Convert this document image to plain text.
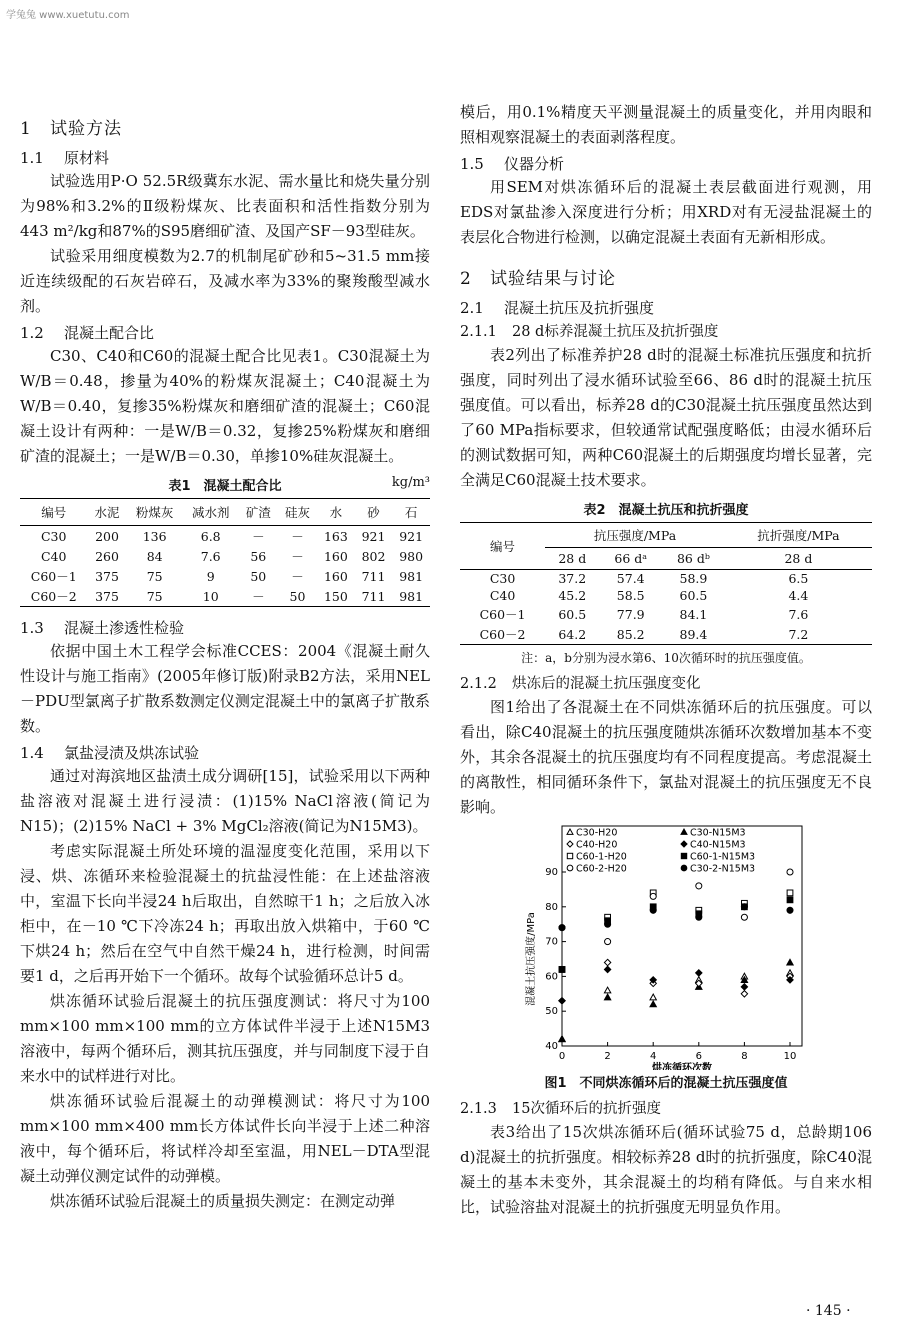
学兔兔 www.xuetutu.com
1 试验方法
1.1 原材料

试验选用P·O 52.5R级冀东水泥、需水量比和烧失量分别为98%和3.2%的Ⅱ级粉煤灰、比表面积和活性指数分别为443 m²/kg和87%的S95磨细矿渣、及国产SF－93型硅灰。

试验采用细度模数为2.7的机制尾矿砂和5~31.5 mm接近连续级配的石灰岩碎石，及减水率为33%的聚羧酸型减水剂。

1.2 混凝土配合比

C30、C40和C60的混凝土配合比见表1。C30混凝土为W/B＝0.48，掺量为40%的粉煤灰混凝土；C40混凝土为W/B＝0.40，复掺35%粉煤灰和磨细矿渣的混凝土；C60混凝土设计有两种：一是W/B＝0.32，复掺25%粉煤灰和磨细矿渣的混凝土；一是W/B＝0.30，单掺10%硅灰混凝土。

表1　混凝土配合比	kg/m³
编号	水泥	粉煤灰	减水剂	矿渣	硅灰	水	砂	石
C30	200	136	6.8	－	－	163	921	921
C40	260	84	7.6	56	－	160	802	980
C60－1	375	75	9	50	－	160	711	981
C60－2	375	75	10	－	50	150	711	981
1.3 混凝土渗透性检验

依据中国土木工程学会标准CCES：2004《混凝土耐久性设计与施工指南》(2005年修订版)附录B2方法，采用NEL－PDU型氯离子扩散系数测定仪测定混凝土中的氯离子扩散系数。

1.4 氯盐浸渍及烘冻试验

通过对海滨地区盐渍土成分调研[15]，试验采用以下两种盐溶液对混凝土进行浸渍：(1)15% NaCl溶液(简记为N15)；(2)15% NaCl + 3% MgCl₂溶液(简记为N15M3)。

考虑实际混凝土所处环境的温湿度变化范围，采用以下浸、烘、冻循环来检验混凝土的抗盐浸性能：在上述盐溶液中，室温下长向半浸24 h后取出，自然晾干1 h；之后放入冰柜中，在－10 ℃下冷冻24 h；再取出放入烘箱中，于60 ℃下烘24 h；然后在空气中自然干燥24 h，进行检测，时间需要1 d，之后再开始下一个循环。故每个试验循环总计5 d。

烘冻循环试验后混凝土的抗压强度测试：将尺寸为100 mm×100 mm×100 mm的立方体试件半浸于上述N15M3溶液中，每两个循环后，测其抗压强度，并与同制度下浸于自来水中的试样进行对比。

烘冻循环试验后混凝土的动弹模测试：将尺寸为100 mm×100 mm×400 mm长方体试件长向半浸于上述二种溶液中，每个循环后，将试样冷却至室温，用NEL－DTA型混凝土动弹仪测定试件的动弹模。

烘冻循环试验后混凝土的质量损失测定：在测定动弹

模后，用0.1%精度天平测量混凝土的质量变化，并用肉眼和照相观察混凝土的表面剥落程度。

1.5 仪器分析

用SEM对烘冻循环后的混凝土表层截面进行观测，用EDS对氯盐渗入深度进行分析；用XRD对有无浸盐混凝土的表层化合物进行检测，以确定混凝土表面有无新相形成。

2 试验结果与讨论
2.1 混凝土抗压及抗折强度
2.1.1 28 d标养混凝土抗压及抗折强度

表2列出了标准养护28 d时的混凝土标准抗压强度和抗折强度，同时列出了浸水循环试验至66、86 d时的混凝土抗压强度值。可以看出，标养28 d的C30混凝土抗压强度虽然达到了60 MPa指标要求，但较通常试配强度略低；由浸水循环后的测试数据可知，两种C60混凝土的后期强度均增长显著，完全满足C60混凝土技术要求。

表2　混凝土抗压和抗折强度
编号	抗压强度/MPa			抗折强度/MPa
	28 d	66 dᵃ	86 dᵇ	28 d
C30	37.2	57.4	58.9	6.5
C40	45.2	58.5	60.5	4.4
C60－1	60.5	77.9	84.1	7.6
C60－2	64.2	85.2	89.4	7.2
注：a，b分别为浸水第6、10次循环时的抗压强度值。
2.1.2 烘冻后的混凝土抗压强度变化

图1给出了各混凝土在不同烘冻循环后的抗压强度。可以看出，除C40混凝土的抗压强度随烘冻循环次数增加基本不变外，其余各混凝土的抗压强度均有不同程度提高。考虑混凝土的离散性，相同循环条件下，氯盐对混凝土的抗压强度无不良影响。

0	2	4	6	8	10
40
50
60
70
80
90
烘冻循环次数
混凝土抗压强度/MPa
C30-H20
C40-H20
C60-1-H20
C60-2-H20
C30-N15M3
C40-N15M3
C60-1-N15M3
C30-2-N15M3
图1　不同烘冻循环后的混凝土抗压强度值
2.1.3 15次循环后的抗折强度

表3给出了15次烘冻循环后(循环试验75 d，总龄期106 d)混凝土的抗折强度。相较标养28 d时的抗折强度，除C40混凝土的基本未变外，其余混凝土的均稍有降低。与自来水相比，试验溶盐对混凝土的抗折强度无明显负作用。

· 145 ·
